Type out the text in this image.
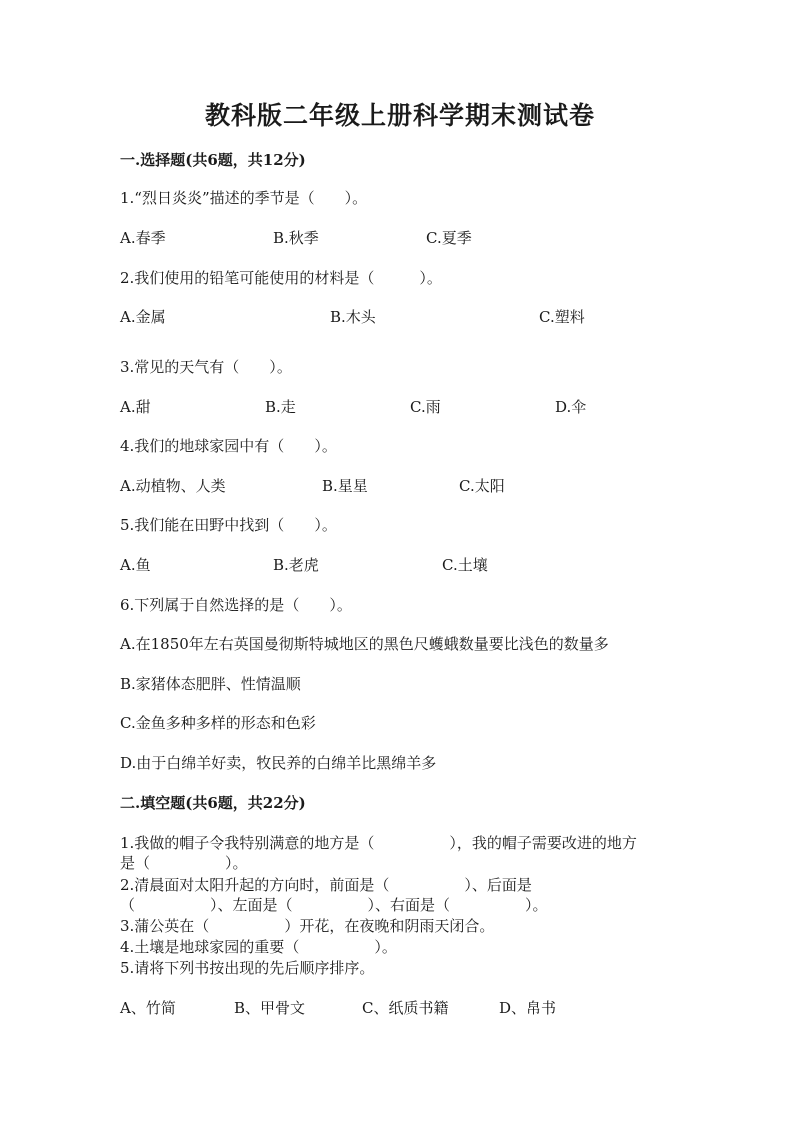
教科版二年级上册科学期末测试卷
一.选择题(共6题，共12分)
1.“烈日炎炎”描述的季节是（　　）。
A.春季	B.秋季	C.夏季
2.我们使用的铅笔可能使用的材料是（　　　）。
A.金属	B.木头	C.塑料
3.常见的天气有（　　）。
A.甜	B.走	C.雨	D.伞
4.我们的地球家园中有（　　）。
A.动植物、人类	B.星星	C.太阳
5.我们能在田野中找到（　　）。
A.鱼	B.老虎	C.土壤
6.下列属于自然选择的是（　　）。
A.在1850年左右英国曼彻斯特城地区的黑色尺蠖蛾数量要比浅色的数量多
B.家猪体态肥胖、性情温顺
C.金鱼多种多样的形态和色彩
D.由于白绵羊好卖，牧民养的白绵羊比黑绵羊多
二.填空题(共6题，共22分)
1.我做的帽子令我特别满意的地方是（　　　　　），我的帽子需要改进的地方
是（　　　　　）。
2.清晨面对太阳升起的方向时，前面是（　　　　　）、后面是
（　　　　　）、左面是（　　　　　）、右面是（　　　　　）。
3.蒲公英在（　　　　　）开花，在夜晚和阴雨天闭合。
4.土壤是地球家园的重要（　　　　　）。
5.请将下列书按出现的先后顺序排序。
A、竹简	B、甲骨文	C、纸质书籍	D、帛书
